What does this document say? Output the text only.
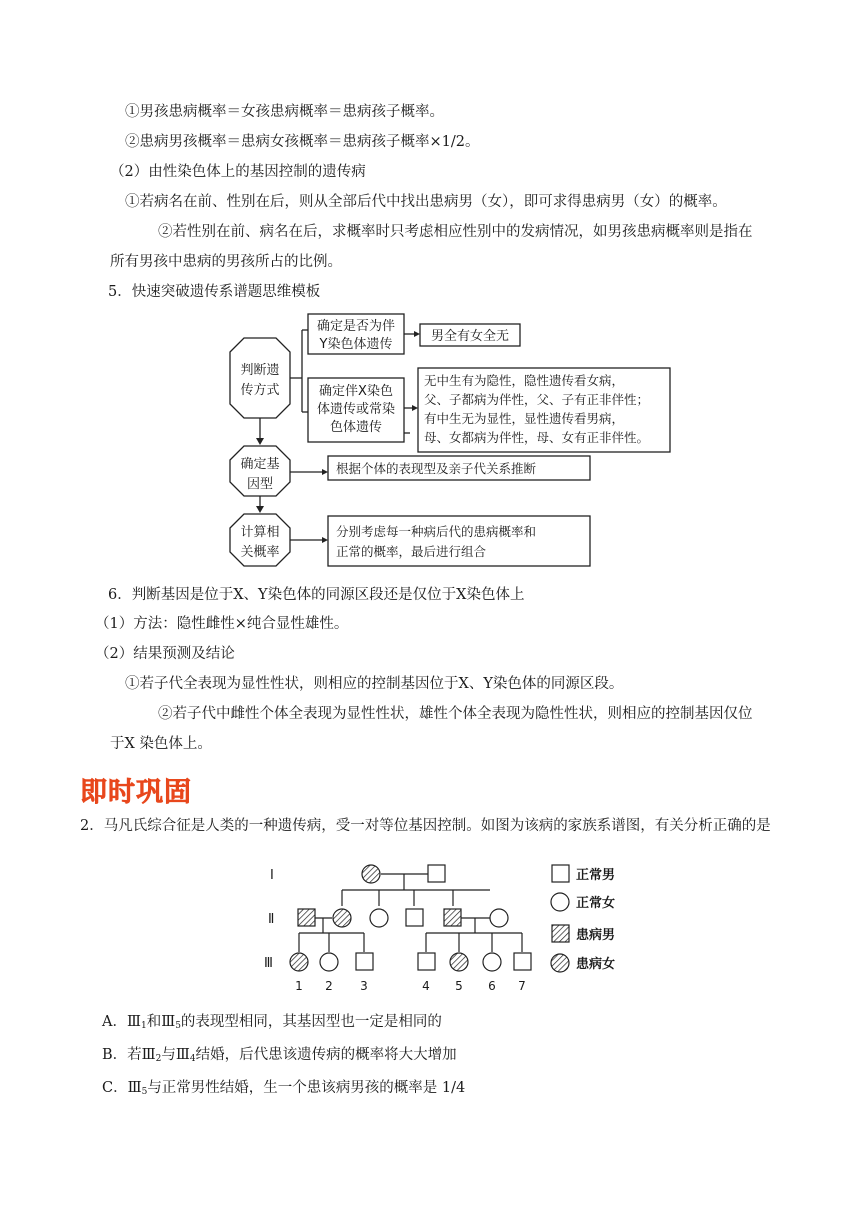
①男孩患病概率＝女孩患病概率＝患病孩子概率。
②患病男孩概率＝患病女孩概率＝患病孩子概率×1/2。
（2）由性染色体上的基因控制的遗传病
①若病名在前、性别在后，则从全部后代中找出患病男（女），即可求得患病男（女）的概率。
②若性别在前、病名在后，求概率时只考虑相应性别中的发病情况，如男孩患病概率则是指在
所有男孩中患病的男孩所占的比例。
5．快速突破遗传系谱题思维模板
判断遗
传方式
确定基
因型
计算相
关概率
确定是否为伴
Y染色体遗传
男全有女全无
确定伴X染色
体遗传或常染
色体遗传
无中生有为隐性，隐性遗传看女病，
父、子都病为伴性，父、子有正非伴性；
有中生无为显性，显性遗传看男病，
母、女都病为伴性，母、女有正非伴性。
根据个体的表现型及亲子代关系推断
分别考虑每一种病后代的患病概率和
正常的概率，最后进行组合
6．判断基因是位于X、Y染色体的同源区段还是仅位于X染色体上
（1）方法：隐性雌性×纯合显性雄性。
（2）结果预测及结论
①若子代全表现为显性性状，则相应的控制基因位于X、Y染色体的同源区段。
②若子代中雌性个体全表现为显性性状，雄性个体全表现为隐性性状，则相应的控制基因仅位
于X 染色体上。
即时巩固
2．马凡氏综合征是人类的一种遗传病，受一对等位基因控制。如图为该病的家族系谱图，有关分析正确的是
Ⅰ
Ⅱ
Ⅲ
1 2 3	4 5 6 7
正常男
正常女
患病男
患病女
A．$Ⅲ_1$和$Ⅲ_5$的表现型相同，其基因型也一定是相同的
B．若$Ⅲ_2$与$Ⅲ_4$结婚，后代患该遗传病的概率将大大增加
C．$Ⅲ_5$与正常男性结婚，生一个患该病男孩的概率是 1/4
